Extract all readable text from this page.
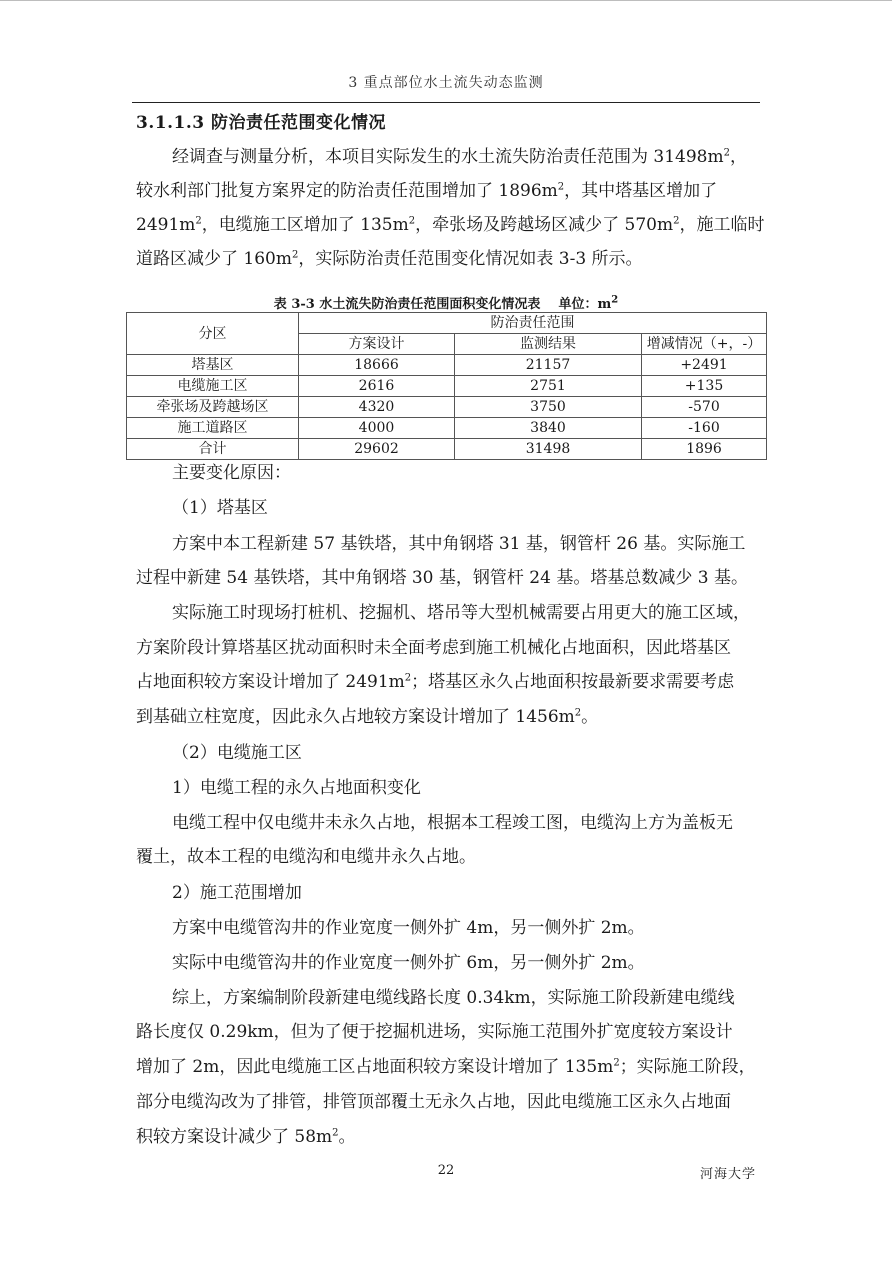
3 重点部位水土流失动态监测
3.1.1.3 防治责任范围变化情况
经调查与测量分析，本项目实际发生的水土流失防治责任范围为 $31498m^2$，
较水利部门批复方案界定的防治责任范围增加了 $1896m^2$，其中塔基区增加了
$2491m^2$，电缆施工区增加了 $135m^2$，牵张场及跨越场区减少了 $570m^2$，施工临时
道路区减少了 $160m^2$，实际防治责任范围变化情况如表 3-3 所示。
表 3-3 水土流失防治责任范围面积变化情况表 单位：$m^2$
分区	防治责任范围		
	方案设计	监测结果	增减情况（+，-）
塔基区	18666	21157	+2491
电缆施工区	2616	2751	+135
牵张场及跨越场区	4320	3750	-570
施工道路区	4000	3840	-160
合计	29602	31498	1896
主要变化原因：
（1）塔基区
方案中本工程新建 57 基铁塔，其中角钢塔 31 基，钢管杆 26 基。实际施工
过程中新建 54 基铁塔，其中角钢塔 30 基，钢管杆 24 基。塔基总数减少 3 基。
实际施工时现场打桩机、挖掘机、塔吊等大型机械需要占用更大的施工区域，
方案阶段计算塔基区扰动面积时未全面考虑到施工机械化占地面积，因此塔基区
占地面积较方案设计增加了 $2491m^2$；塔基区永久占地面积按最新要求需要考虑
到基础立柱宽度，因此永久占地较方案设计增加了 $1456m^2$。
（2）电缆施工区
1）电缆工程的永久占地面积变化
电缆工程中仅电缆井未永久占地，根据本工程竣工图，电缆沟上方为盖板无
覆土，故本工程的电缆沟和电缆井永久占地。
2）施工范围增加
方案中电缆管沟井的作业宽度一侧外扩 4m，另一侧外扩 2m。
实际中电缆管沟井的作业宽度一侧外扩 6m，另一侧外扩 2m。
综上，方案编制阶段新建电缆线路长度 0.34km，实际施工阶段新建电缆线
路长度仅 0.29km，但为了便于挖掘机进场，实际施工范围外扩宽度较方案设计
增加了 2m，因此电缆施工区占地面积较方案设计增加了 $135m^2$；实际施工阶段，
部分电缆沟改为了排管，排管顶部覆土无永久占地，因此电缆施工区永久占地面
积较方案设计减少了 $58m^2$。
22	河海大学
